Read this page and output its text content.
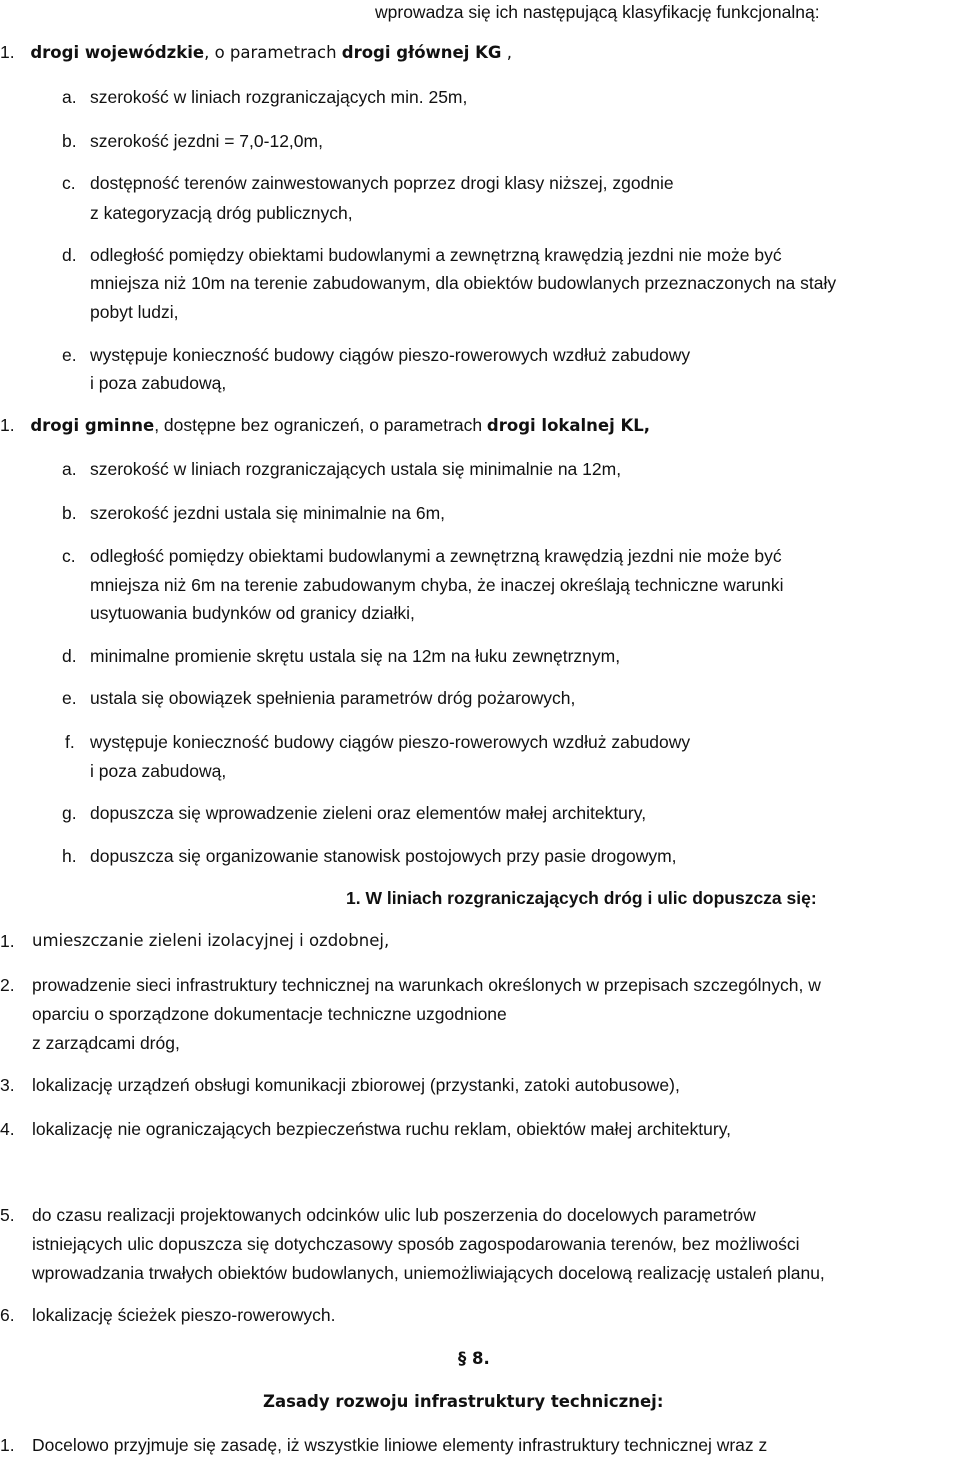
wprowadza się ich następującą klasyfikację funkcjonalną:
1. drogi wojewódzkie, o parametrach drogi głównej KG ,
a. szerokość w liniach rozgraniczających min. 25m,
b. szerokość jezdni = 7,0-12,0m,
c. dostępność terenów zainwestowanych poprzez drogi klasy niższej, zgodnie
z kategoryzacją dróg publicznych,
d. odległość pomiędzy obiektami budowlanymi a zewnętrzną krawędzią jezdni nie może być
mniejsza niż 10m na terenie zabudowanym, dla obiektów budowlanych przeznaczonych na stały
pobyt ludzi,
e. występuje konieczność budowy ciągów pieszo-rowerowych wzdłuż zabudowy
i poza zabudową,
1. drogi gminne, dostępne bez ograniczeń, o parametrach drogi lokalnej KL,
a. szerokość w liniach rozgraniczających ustala się minimalnie na 12m,
b. szerokość jezdni ustala się minimalnie na 6m,
c. odległość pomiędzy obiektami budowlanymi a zewnętrzną krawędzią jezdni nie może być
mniejsza niż 6m na terenie zabudowanym chyba, że inaczej określają techniczne warunki
usytuowania budynków od granicy działki,
d. minimalne promienie skrętu ustala się na 12m na łuku zewnętrznym,
e. ustala się obowiązek spełnienia parametrów dróg pożarowych,
f. występuje konieczność budowy ciągów pieszo-rowerowych wzdłuż zabudowy
i poza zabudową,
g. dopuszcza się wprowadzenie zieleni oraz elementów małej architektury,
h. dopuszcza się organizowanie stanowisk postojowych przy pasie drogowym,
1. W liniach rozgraniczających dróg i ulic dopuszcza się:
1. umieszczanie zieleni izolacyjnej i ozdobnej,
2. prowadzenie sieci infrastruktury technicznej na warunkach określonych w przepisach szczególnych, w
oparciu o sporządzone dokumentacje techniczne uzgodnione
z zarządcami dróg,
3. lokalizację urządzeń obsługi komunikacji zbiorowej (przystanki, zatoki autobusowe),
4. lokalizację nie ograniczających bezpieczeństwa ruchu reklam, obiektów małej architektury,
5. do czasu realizacji projektowanych odcinków ulic lub poszerzenia do docelowych parametrów
istniejących ulic dopuszcza się dotychczasowy sposób zagospodarowania terenów, bez możliwości
wprowadzania trwałych obiektów budowlanych, uniemożliwiających docelową realizację ustaleń planu,
6. lokalizację ścieżek pieszo-rowerowych.
§ 8.
Zasady rozwoju infrastruktury technicznej:
1. Docelowo przyjmuje się zasadę, iż wszystkie liniowe elementy infrastruktury technicznej wraz z
